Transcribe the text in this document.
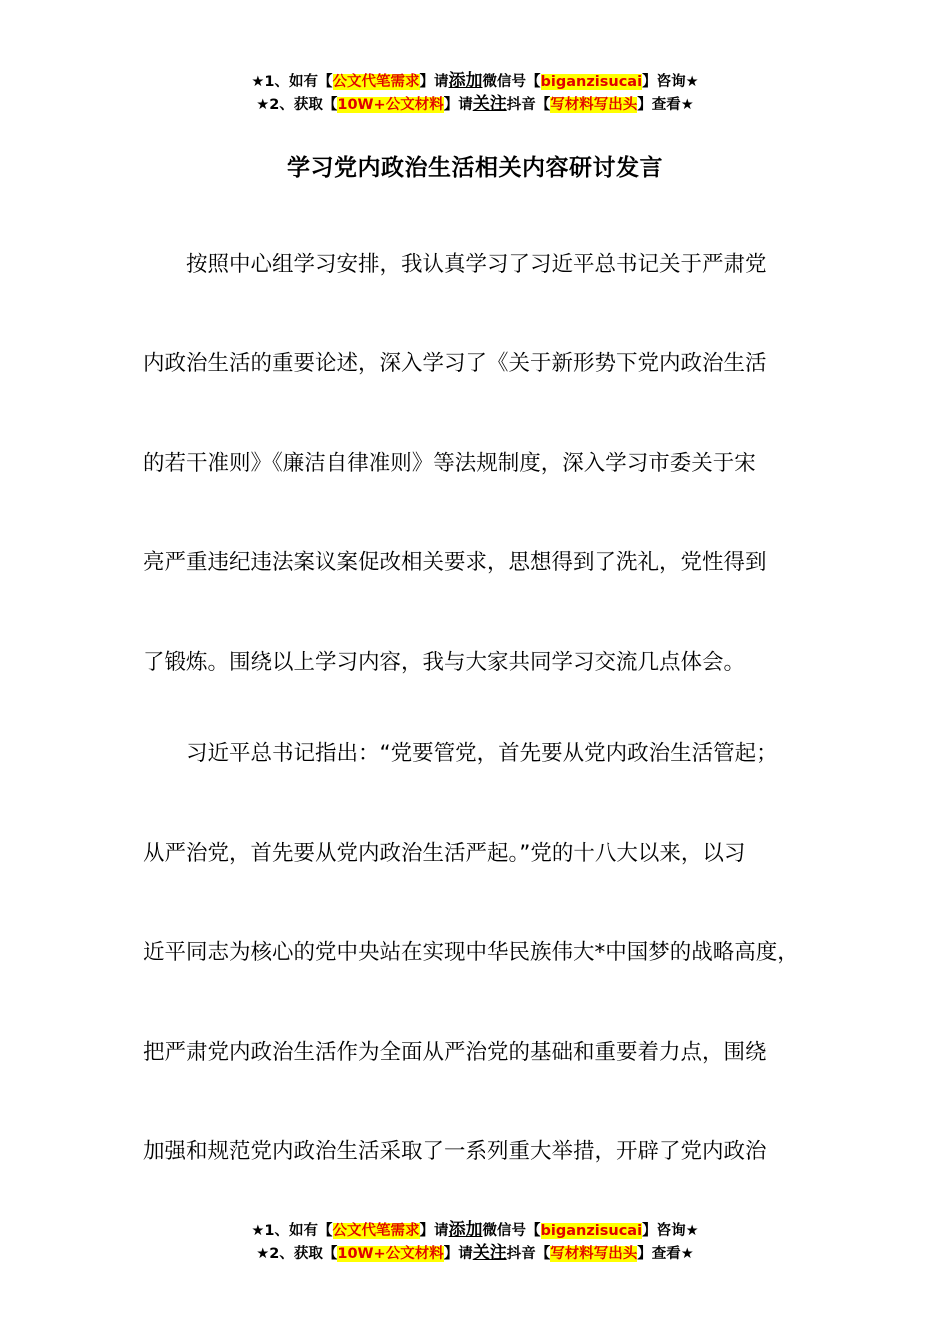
★1、如有【公文代笔需求】请添加微信号【biganzisucai】咨询★
★2、获取【10W+公文材料】请关注抖音【写材料写出头】查看★
学习党内政治生活相关内容研讨发言
　　按照中心组学习安排，我认真学习了习近平总书记关于严肃党
内政治生活的重要论述，深入学习了《关于新形势下党内政治生活
的若干准则》《廉洁自律准则》等法规制度，深入学习市委关于宋
亮严重违纪违法案议案促改相关要求，思想得到了洗礼，党性得到
了锻炼。围绕以上学习内容，我与大家共同学习交流几点体会。
　　习近平总书记指出：“党要管党，首先要从党内政治生活管起；
从严治党，首先要从党内政治生活严起。”党的十八大以来，以习
近平同志为核心的党中央站在实现中华民族伟大*中国梦的战略高度，
把严肃党内政治生活作为全面从严治党的基础和重要着力点，围绕
加强和规范党内政治生活采取了一系列重大举措，开辟了党内政治
★1、如有【公文代笔需求】请添加微信号【biganzisucai】咨询★
★2、获取【10W+公文材料】请关注抖音【写材料写出头】查看★
